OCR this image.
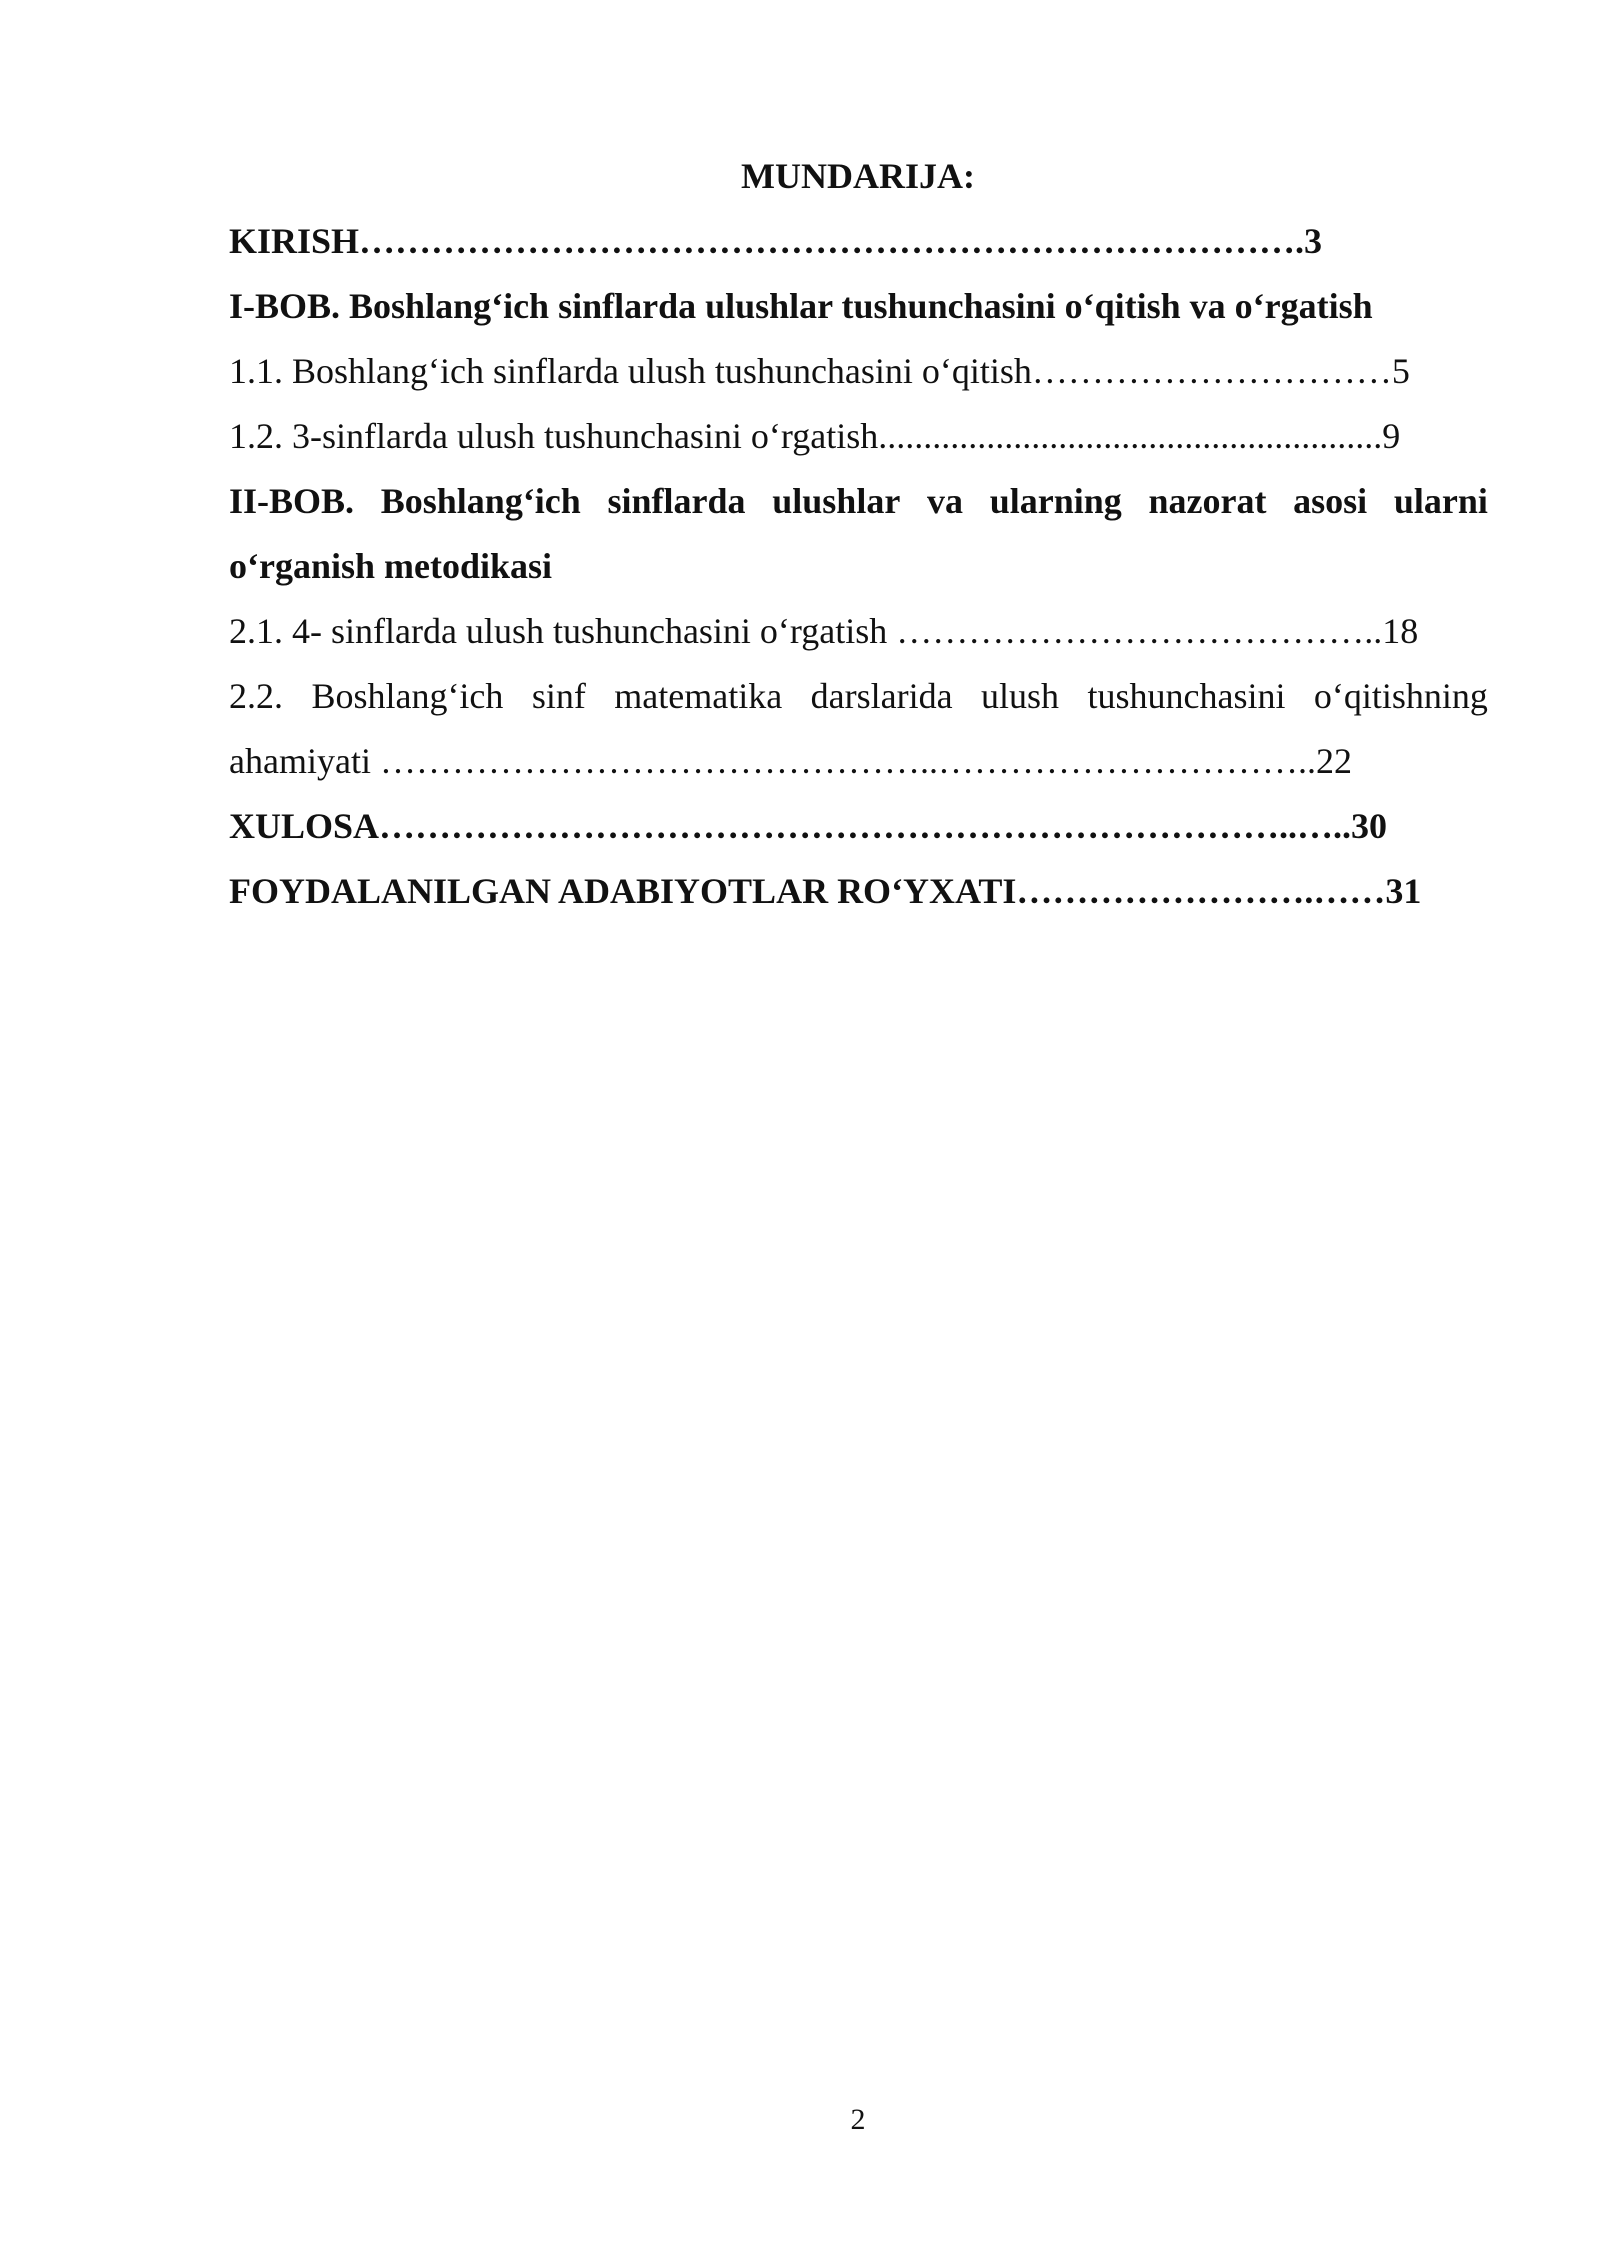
MUNDARIJA:
KIRISH…………………………………………………………………….3
I-BOB. Boshlang‘ich sinflarda ulushlar tushunchasini o‘qitish va o‘rgatish
1.1. Boshlang‘ich sinflarda ulush tushunchasini o‘qitish…………………………5
1.2. 3-sinflarda ulush tushunchasini o‘rgatish........................................................9
II-BOB. Boshlang‘ich sinflarda ulushlar va ularning nazorat asosi ularni
o‘rganish metodikasi
2.1. 4- sinflarda ulush tushunchasini o‘rgatish …………………………………..18
2.2. Boshlang‘ich sinf matematika darslarida ulush tushunchasini o‘qitishning
ahamiyati ………………………………………..…………………………..22
XULOSA…………………………………………………………………..…..30
FOYDALANILGAN ADABIYOTLAR RO‘YXATI…………………….……31
2
